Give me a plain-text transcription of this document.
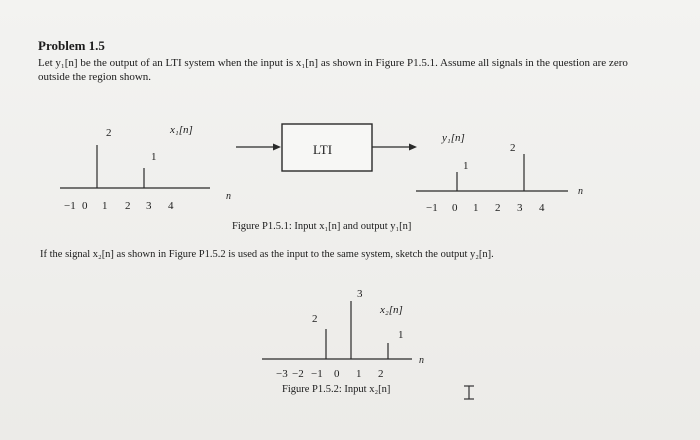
Problem 1.5
Let y₁[n] be the output of an LTI system when the input is x₁[n] as shown in Figure P1.5.1. Assume all signals in the question are zero outside the region shown.
2
1
x₁[n]
n
−1 0 1 2 3 4
LTI
1
2
y₁[n]
n
−1 0 1 2 3 4
2
3
1
x₂[n]
n
−3 −2 −1 0 1 2
Figure P1.5.1: Input x₁[n] and output y₁[n]
If the signal x₂[n] as shown in Figure P1.5.2 is used as the input to the same system, sketch the output y₂[n].
Figure P1.5.2: Input x₂[n]
